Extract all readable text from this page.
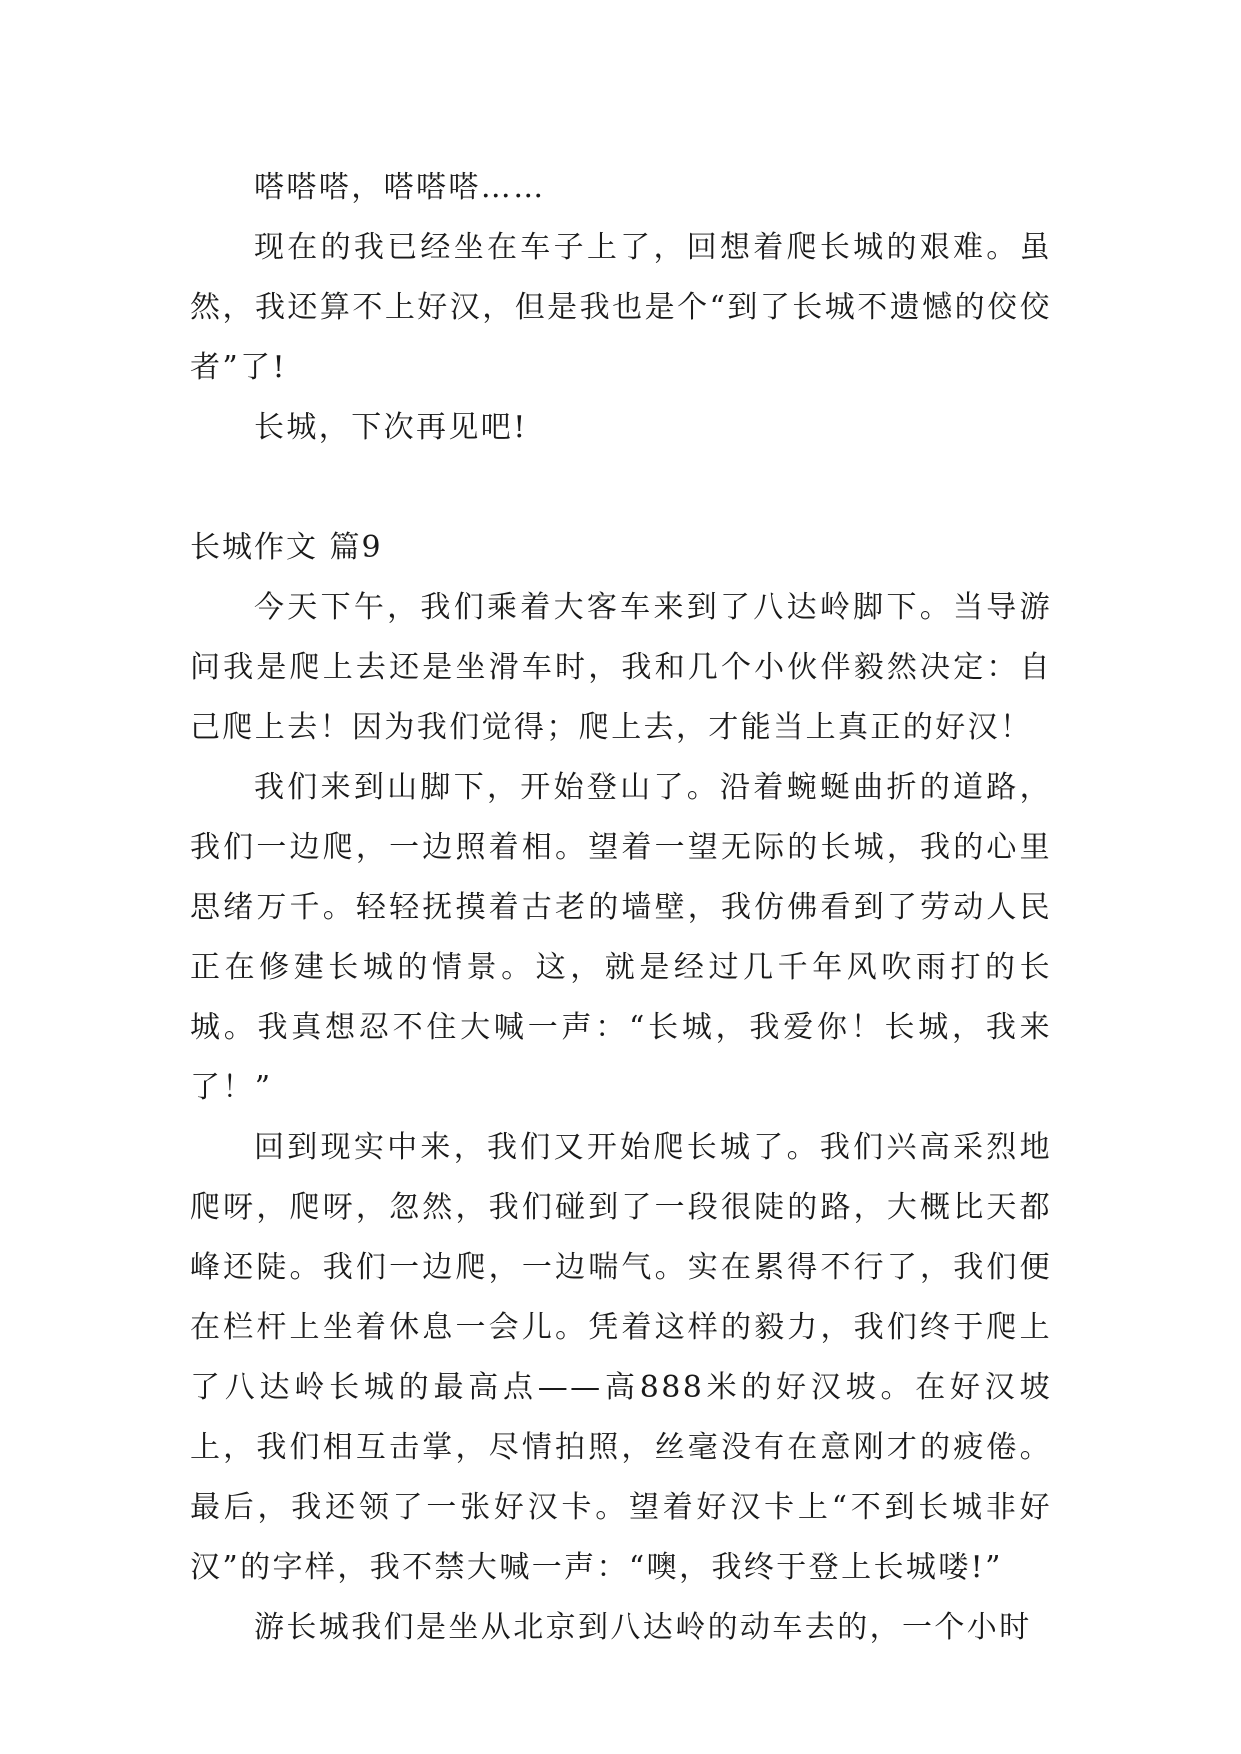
嗒嗒嗒，嗒嗒嗒……

现在的我已经坐在车子上了，回想着爬长城的艰难。虽然，我还算不上好汉，但是我也是个“到了长城不遗憾的佼佼者”了!

长城，下次再见吧!

长城作文 篇9

今天下午，我们乘着大客车来到了八达岭脚下。当导游问我是爬上去还是坐滑车时，我和几个小伙伴毅然决定：自己爬上去！因为我们觉得；爬上去，才能当上真正的好汉！

我们来到山脚下，开始登山了。沿着蜿蜒曲折的道路，我们一边爬，一边照着相。望着一望无际的长城，我的心里思绪万千。轻轻抚摸着古老的墙壁，我仿佛看到了劳动人民正在修建长城的情景。这，就是经过几千年风吹雨打的长城。我真想忍不住大喊一声：“长城，我爱你！长城，我来了！”

回到现实中来，我们又开始爬长城了。我们兴高采烈地爬呀，爬呀，忽然，我们碰到了一段很陡的路，大概比天都峰还陡。我们一边爬，一边喘气。实在累得不行了，我们便在栏杆上坐着休息一会儿。凭着这样的毅力，我们终于爬上了八达岭长城的最高点——高888米的好汉坡。在好汉坡上，我们相互击掌，尽情拍照，丝毫没有在意刚才的疲倦。最后，我还领了一张好汉卡。望着好汉卡上“不到长城非好汉”的字样，我不禁大喊一声：“噢，我终于登上长城喽!”

游长城我们是坐从北京到八达岭的动车去的，一个小时
